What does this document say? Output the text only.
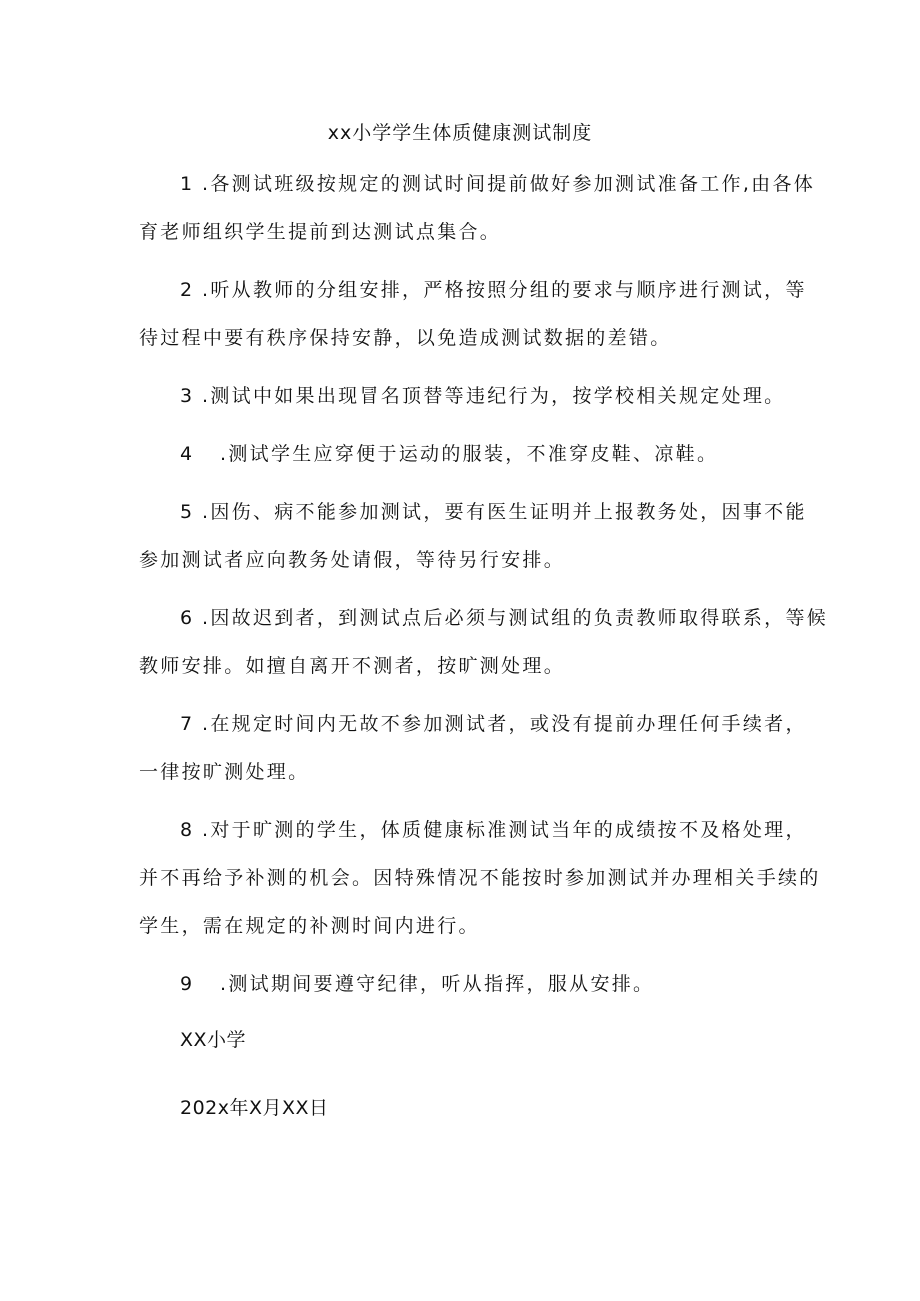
xx小学学生体质健康测试制度
1 .各测试班级按规定的测试时间提前做好参加测试准备工作,由各体
育老师组织学生提前到达测试点集合。
2 .听从教师的分组安排，严格按照分组的要求与顺序进行测试，等
待过程中要有秩序保持安静，以免造成测试数据的差错。
3 .测试中如果出现冒名顶替等违纪行为，按学校相关规定处理。
4 .测试学生应穿便于运动的服装，不准穿皮鞋、凉鞋。
5 .因伤、病不能参加测试，要有医生证明并上报教务处，因事不能
参加测试者应向教务处请假，等待另行安排。
6 .因故迟到者，到测试点后必须与测试组的负责教师取得联系，等候
教师安排。如擅自离开不测者，按旷测处理。
7 .在规定时间内无故不参加测试者，或没有提前办理任何手续者，
一律按旷测处理。
8 .对于旷测的学生，体质健康标准测试当年的成绩按不及格处理，
并不再给予补测的机会。因特殊情况不能按时参加测试并办理相关手续的
学生，需在规定的补测时间内进行。
9 .测试期间要遵守纪律，听从指挥，服从安排。
XX小学
202x年X月XX日
